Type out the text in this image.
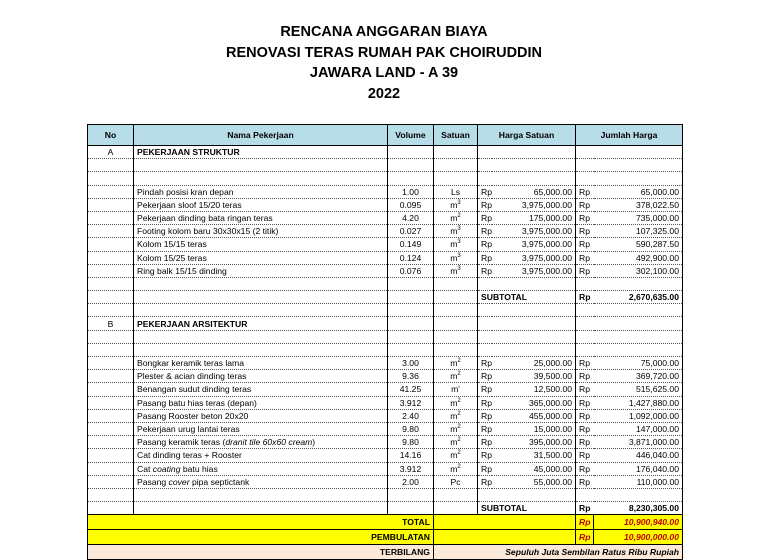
RENCANA ANGGARAN BIAYA
RENOVASI TERAS RUMAH PAK CHOIRUDDIN
JAWARA LAND - A 39
2022
No	Nama Pekerjaan	Volume	Satuan	Harga Satuan		Jumlah Harga	
A	PEKERJAAN STRUKTUR						

	Pindah posisi kran depan	1.00	Ls	Rp	65,000.00	Rp	65,000.00
	Pekerjaan sloof 15/20 teras	0.095	$m^3$	Rp	3,975,000.00	Rp	378,022.50
	Pekerjaan dinding bata ringan teras	4.20	$m^2$	Rp	175,000.00	Rp	735,000.00
	Footing kolom baru 30x30x15 (2 titik)	0.027	$m^3$	Rp	3,975,000.00	Rp	107,325.00
	Kolom 15/15 teras	0.149	$m^3$	Rp	3,975,000.00	Rp	590,287.50
	Kolom 15/25 teras	0.124	$m^3$	Rp	3,975,000.00	Rp	492,900.00
	Ring balk 15/15 dinding	0.076	$m^3$	Rp	3,975,000.00	Rp	302,100.00

				SUBTOTAL		Rp	2,670,635.00

B	PEKERJAAN ARSITEKTUR						

	Bongkar keramik teras lama	3.00	$m^2$	Rp	25,000.00	Rp	75,000.00
	Plester & acian dinding teras	9.36	$m^2$	Rp	39,500.00	Rp	369,720.00
	Benangan sudut dinding teras	41.25	m'	Rp	12,500.00	Rp	515,625.00
	Pasang batu hias teras (depan)	3.912	$m^2$	Rp	365,000.00	Rp	1,427,880.00
	Pasang Rooster beton 20x20	2.40	$m^2$	Rp	455,000.00	Rp	1,092,000.00
	Pekerjaan urug lantai teras	9.80	$m^2$	Rp	15,000.00	Rp	147,000.00
	Pasang keramik teras (dranit tile 60x60 cream)	9.80	$m^2$	Rp	395,000.00	Rp	3,871,000.00
	Cat dinding teras + Rooster	14.16	$m^2$	Rp	31,500.00	Rp	446,040.00
	Cat coating batu hias	3.912	$m^2$	Rp	45,000.00	Rp	176,040.00
	Pasang cover pipa septictank	2.00	Pc	Rp	55,000.00	Rp	110,000.00

				SUBTOTAL		Rp	8,230,305.00
TOTAL						Rp	10,900,940.00
PEMBULATAN						Rp	10,900,000.00
TERBILANG			Sepuluh Juta Sembilan Ratus Ribu Rupiah				
